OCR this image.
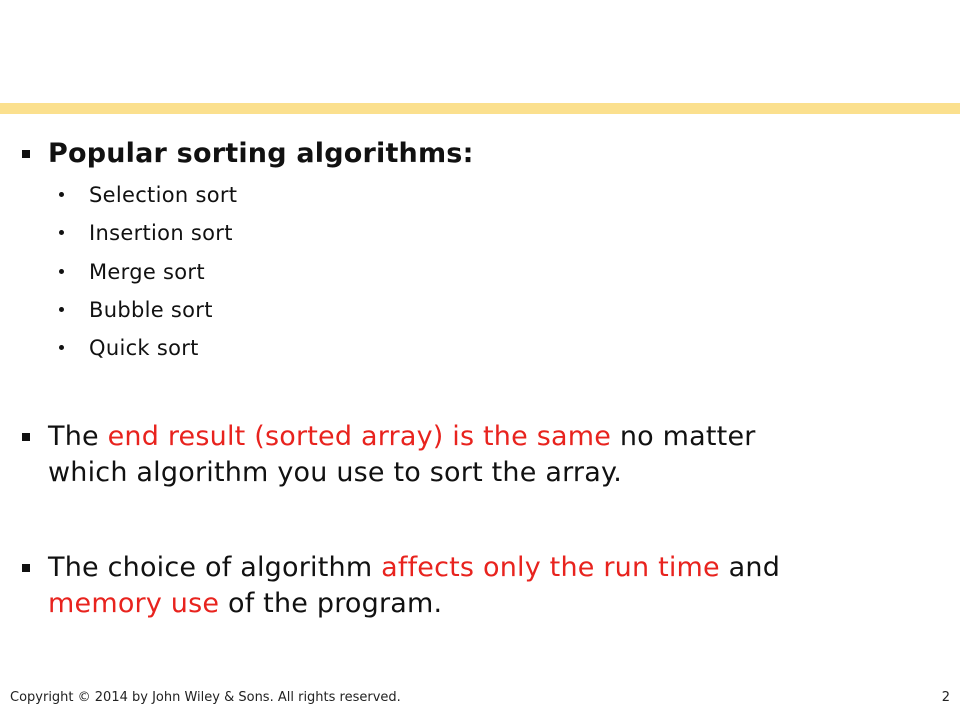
Popular sorting algorithms:
Selection sort
Insertion sort
Merge sort
Bubble sort
Quick sort
The end result (sorted array) is the same no matter
which algorithm you use to sort the array.
The choice of algorithm affects only the run time and
memory use of the program.
Copyright © 2014 by John Wiley & Sons. All rights reserved.	2
